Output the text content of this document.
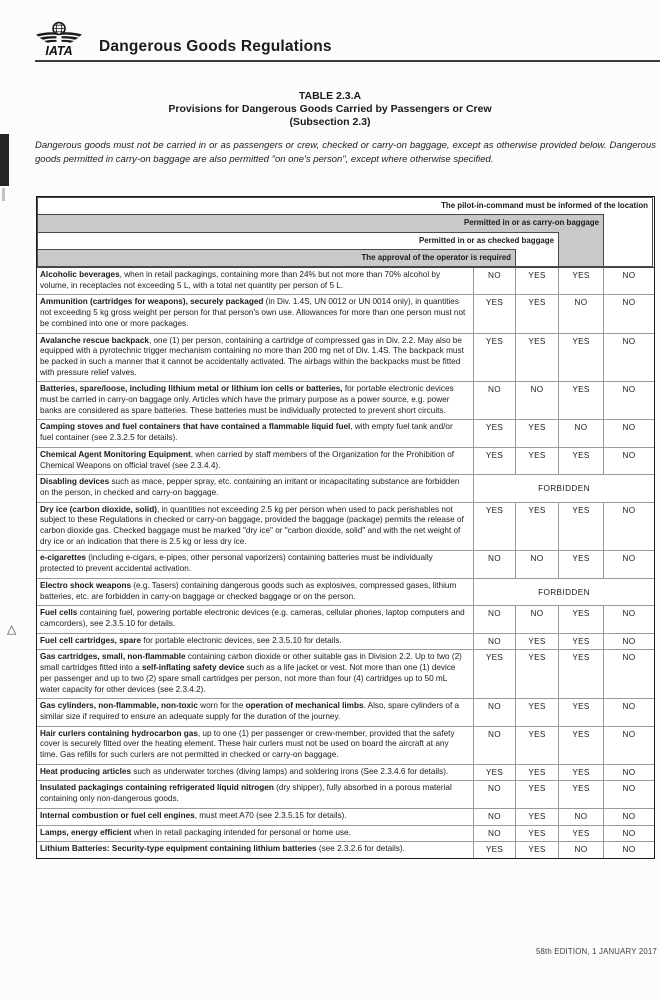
△
IATA Dangerous Goods Regulations
TABLE 2.3.A
Provisions for Dangerous Goods Carried by Passengers or Crew
(Subsection 2.3)

Dangerous goods must not be carried in or as passengers or crew, checked or carry-on baggage, except as otherwise provided below. Dangerous goods permitted in carry-on baggage are also permitted "on one's person", except where otherwise specified.

The pilot-in-command must be informed of the location
Permitted in or as carry-on baggage
Permitted in or as checked baggage
The approval of the operator is required
Alcoholic beverages, when in retail packagings, containing more than 24% but not more than 70% alcohol by volume, in receptacles not exceeding 5 L, with a total net quantity per person of 5 L.
NO	YES	YES	NO
Ammunition (cartridges for weapons), securely packaged (in Div. 1.4S, UN 0012 or UN 0014 only), in quantities not exceeding 5 kg gross weight per person for that person's own use. Allowances for more than one person must not be combined into one or more packages.
YES	YES	NO	NO
Avalanche rescue backpack, one (1) per person, containing a cartridge of compressed gas in Div. 2.2. May also be equipped with a pyrotechnic trigger mechanism containing no more than 200 mg net of Div. 1.4S. The backpack must be packed in such a manner that it cannot be accidentally activated. The airbags within the backpacks must be fitted with pressure relief valves.
YES	YES	YES	NO
Batteries, spare/loose, including lithium metal or lithium ion cells or batteries, for portable electronic devices must be carried in carry-on baggage only. Articles which have the primary purpose as a power source, e.g. power banks are considered as spare batteries. These batteries must be individually protected to prevent short circuits.
NO	NO	YES	NO
Camping stoves and fuel containers that have contained a flammable liquid fuel, with empty fuel tank and/or fuel container (see 2.3.2.5 for details).
YES	YES	NO	NO
Chemical Agent Monitoring Equipment, when carried by staff members of the Organization for the Prohibition of Chemical Weapons on official travel (see 2.3.4.4).
YES	YES	YES	NO
Disabling devices such as mace, pepper spray, etc. containing an irritant or incapacitating substance are forbidden on the person, in checked and carry-on baggage.	FORBIDDEN
Dry ice (carbon dioxide, solid), in quantities not exceeding 2.5 kg per person when used to pack perishables not subject to these Regulations in checked or carry-on baggage, provided the baggage (package) permits the release of carbon dioxide gas. Checked baggage must be marked "dry ice" or "carbon dioxide, solid" and with the net weight of dry ice or an indication that there is 2.5 kg or less dry ice.
YES	YES	YES	NO
e-cigarettes (including e-cigars, e-pipes, other personal vaporizers) containing batteries must be individually protected to prevent accidental activation.
NO	NO	YES	NO
Electro shock weapons (e.g. Tasers) containing dangerous goods such as explosives, compressed gases, lithium batteries, etc. are forbidden in carry-on baggage or checked baggage or on the person.	FORBIDDEN
Fuel cells containing fuel, powering portable electronic devices (e.g. cameras, cellular phones, laptop computers and camcorders), see 2.3.5.10 for details.
NO	NO	YES	NO
Fuel cell cartridges, spare for portable electronic devices, see 2.3.5.10 for details.	NO	YES	YES	NO
Gas cartridges, small, non-flammable containing carbon dioxide or other suitable gas in Division 2.2. Up to two (2) small cartridges fitted into a self-inflating safety device such as a life jacket or vest. Not more than one (1) device per passenger and up to two (2) spare small cartridges per person, not more than four (4) cartridges up to 50 mL water capacity for other devices (see 2.3.4.2).
YES	YES	YES	NO
Gas cylinders, non-flammable, non-toxic worn for the operation of mechanical limbs. Also, spare cylinders of a similar size if required to ensure an adequate supply for the duration of the journey.
NO	YES	YES	NO
Hair curlers containing hydrocarbon gas, up to one (1) per passenger or crew-member, provided that the safety cover is securely fitted over the heating element. These hair curlers must not be used on board the aircraft at any time. Gas refills for such curlers are not permitted in checked or carry-on baggage.
NO	YES	YES	NO
Heat producing articles such as underwater torches (diving lamps) and soldering irons (See 2.3.4.6 for details).	YES	YES	YES	NO
Insulated packagings containing refrigerated liquid nitrogen (dry shipper), fully absorbed in a porous material containing only non-dangerous goods.
NO	YES	YES	NO
Internal combustion or fuel cell engines, must meet A70 (see 2.3.5.15 for details).	NO	YES	NO	NO
Lamps, energy efficient when in retail packaging intended for personal or home use.	NO	YES	YES	NO
Lithium Batteries: Security-type equipment containing lithium batteries (see 2.3.2.6 for details).	YES	YES	NO	NO
58th EDITION, 1 JANUARY 2017
